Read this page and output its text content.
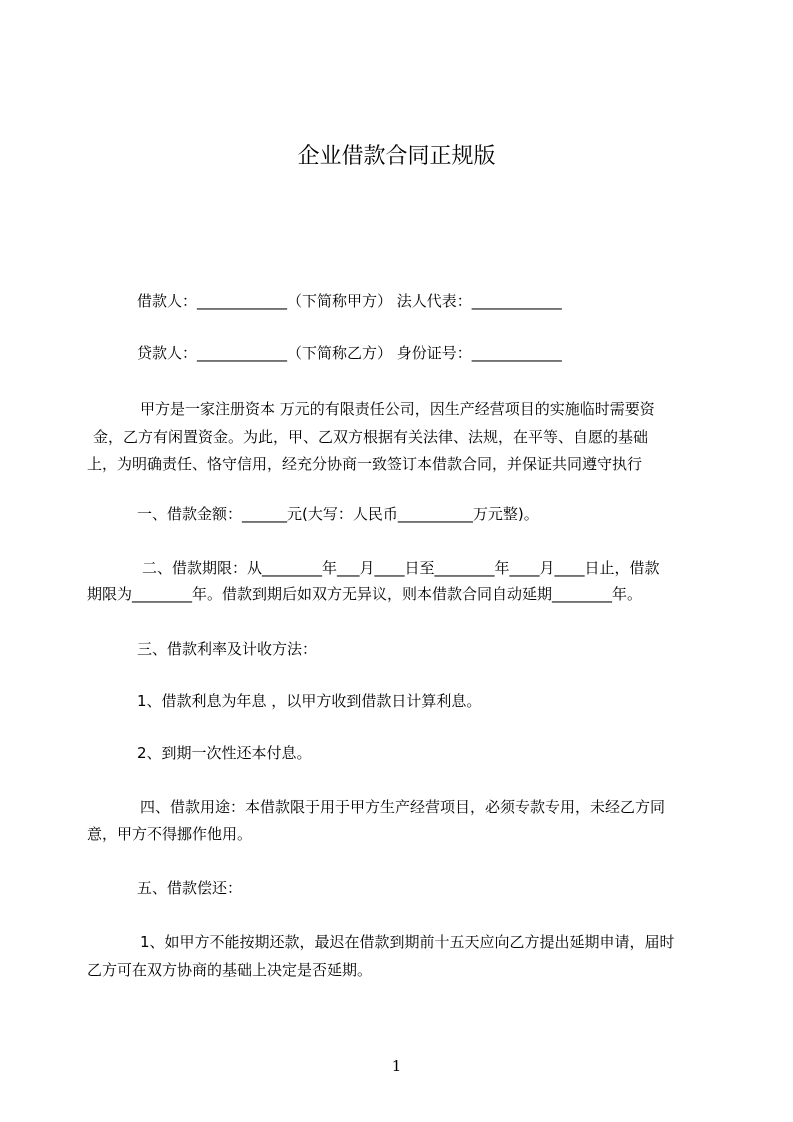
企业借款合同正规版
借款人：____________（下简称甲方） 法人代表：____________
贷款人：____________（下简称乙方） 身份证号：____________
甲方是一家注册资本 万元的有限责任公司，因生产经营项目的实施临时需要资
金，乙方有闲置资金。为此，甲、乙双方根据有关法律、法规，在平等、自愿的基础
上，为明确责任、恪守信用，经充分协商一致签订本借款合同，并保证共同遵守执行
一、借款金额：______元(大写：人民币__________万元整)。
二、借款期限：从________年___月____日至________年____月____日止，借款
期限为________年。借款到期后如双方无异议，则本借款合同自动延期________年。
三、借款利率及计收方法：
1、借款利息为年息 ，以甲方收到借款日计算利息。
2、到期一次性还本付息。
四、借款用途：本借款限于用于甲方生产经营项目，必须专款专用，未经乙方同
意，甲方不得挪作他用。
五、借款偿还：
1、如甲方不能按期还款，最迟在借款到期前十五天应向乙方提出延期申请，届时
乙方可在双方协商的基础上决定是否延期。
1
